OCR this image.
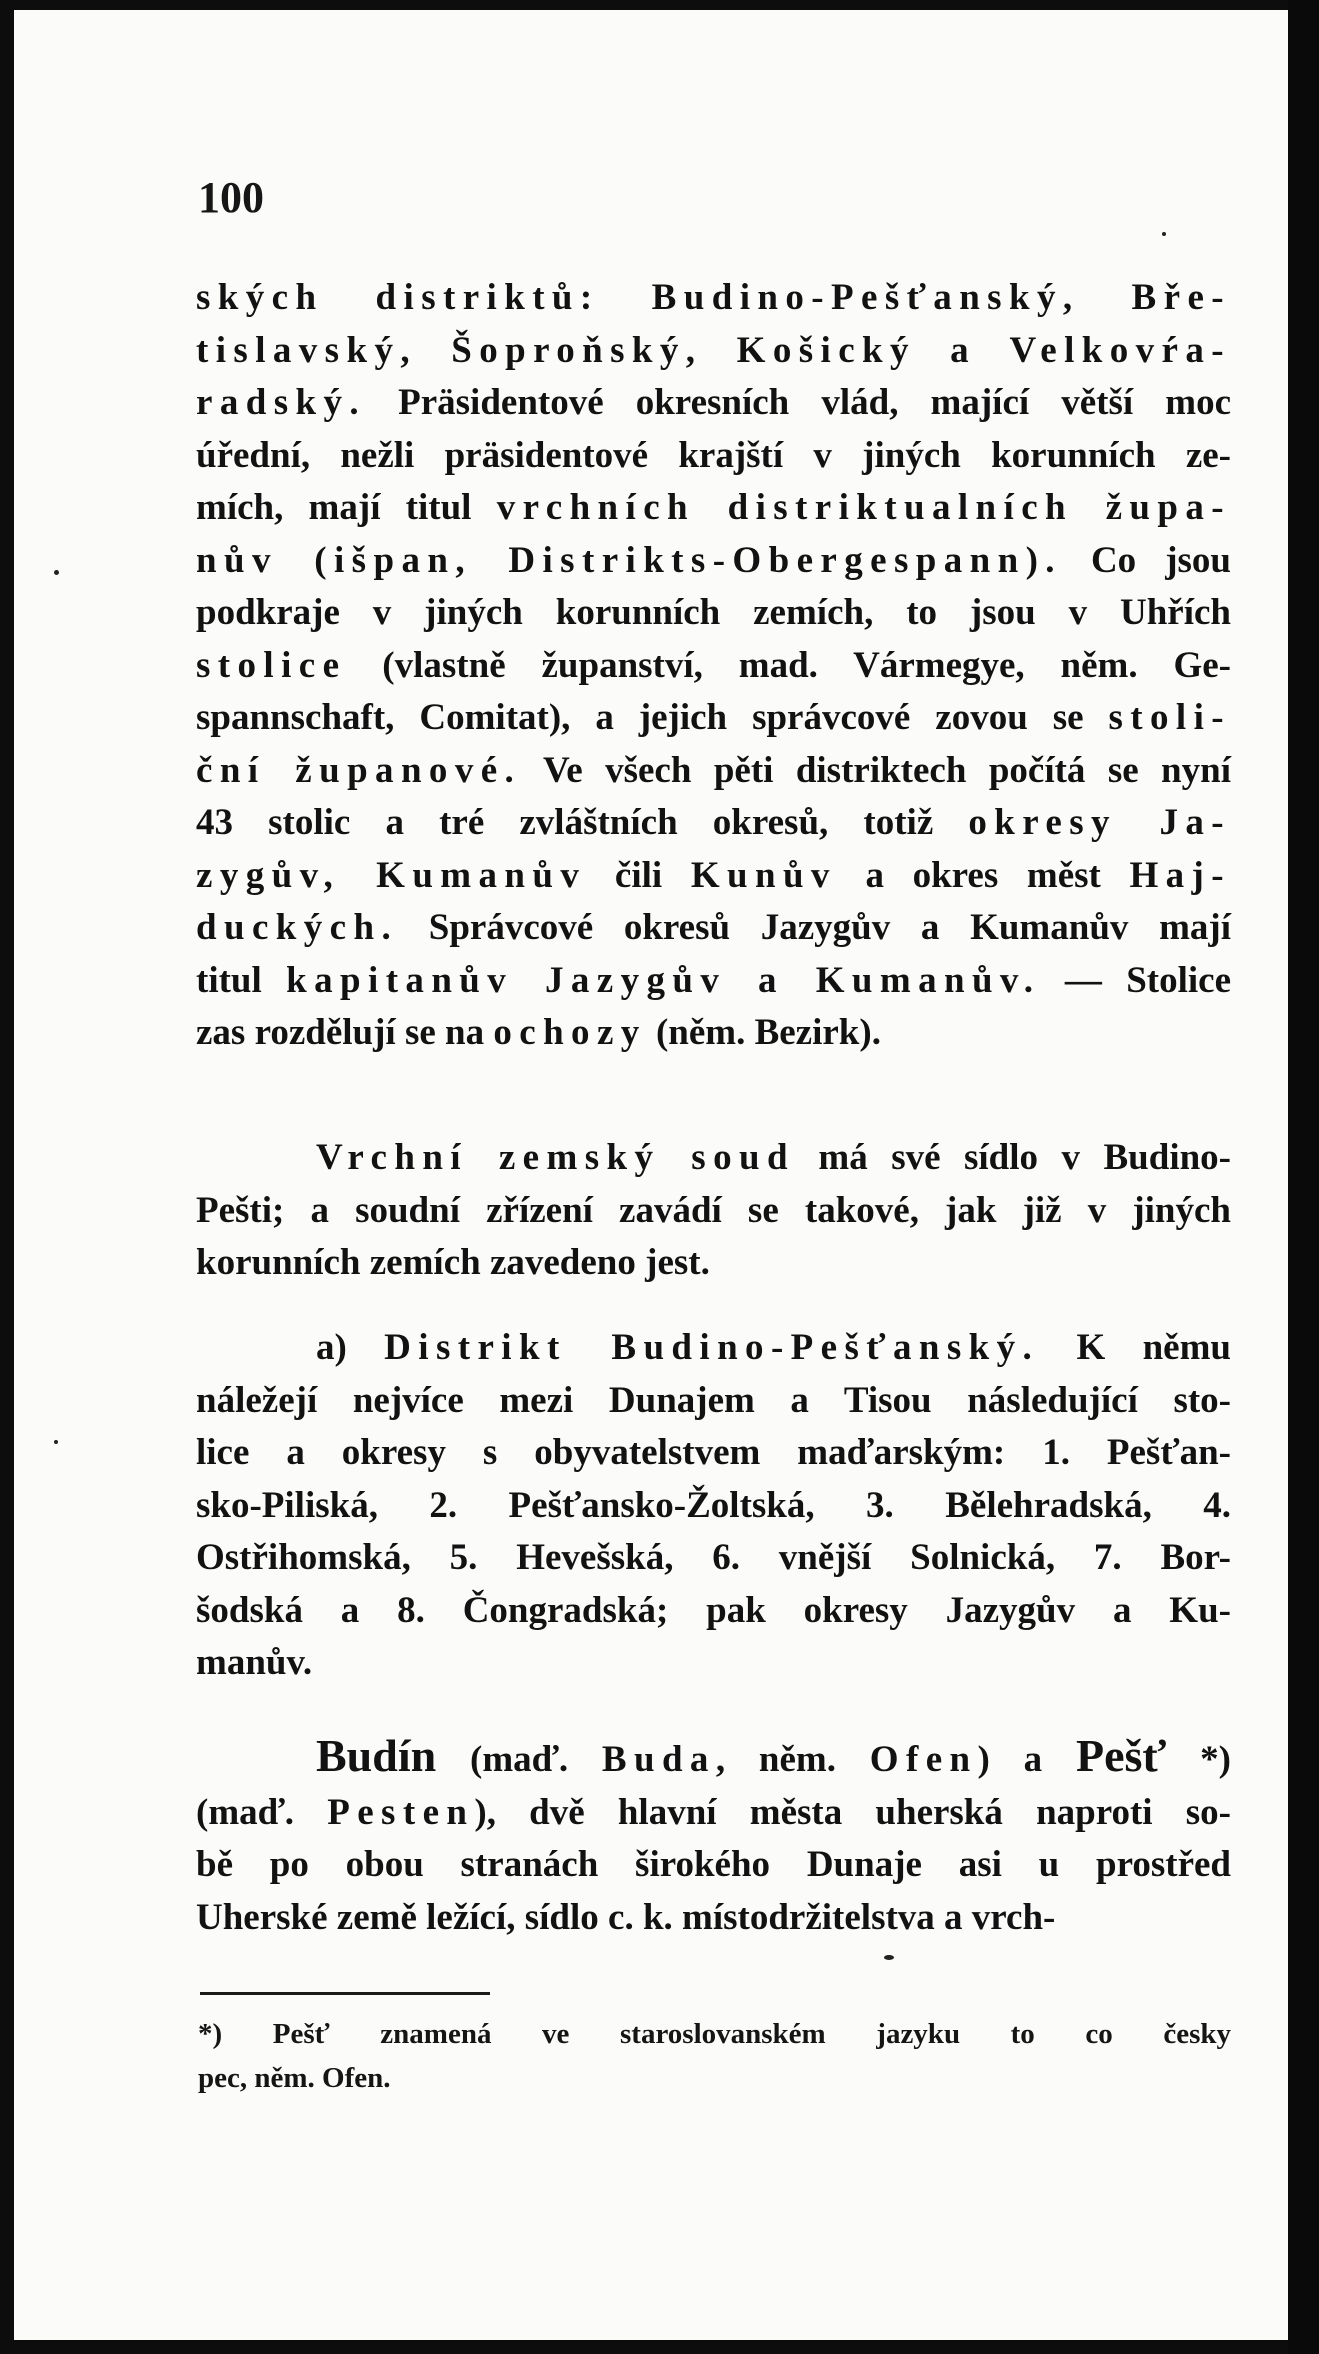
100
ských distriktů: Budino-Pešťanský, Bře-
tislavský, Šoproňský, Košický a Velkovŕa-
radský. Präsidentové okresních vlád, mající větší moc
úřední, nežli präsidentové krajští v jiných korunních ze-
mích, mají titul vrchních distriktualních župa-
nův (išpan, Distrikts-Obergespann). Co jsou
podkraje v jiných korunních zemích, to jsou v Uhřích
stolice (vlastně županství, mad. Vármegye, něm. Ge-
spannschaft, Comitat), a jejich správcové zovou se stoli-
ční županové. Ve všech pěti distriktech počítá se nyní
43 stolic a tré zvláštních okresů, totiž okresy Ja-
zygův, Kumanův čili Kunův a okres měst Haj-
duckých. Správcové okresů Jazygův a Kumanův mají
titul kapitanův Jazygův a Kumanův. — Stolice
zas rozdělují se na ochozy (něm. Bezirk).
Vrchní zemský soud má své sídlo v Budino-
Pešti; a soudní zřízení zavádí se takové, jak již v jiných
korunních zemích zavedeno jest.
a) Distrikt Budino-Pešťanský. K němu
náležejí nejvíce mezi Dunajem a Tisou následující sto-
lice a okresy s obyvatelstvem maďarským: 1. Pešťan-
sko-Piliská, 2. Pešťansko-Žoltská, 3. Bělehradská, 4.
Ostřihomská, 5. Hevešská, 6. vnější Solnická, 7. Bor-
šodská a 8. Čongradská; pak okresy Jazygův a Ku-
manův.
Budín (maď. Buda, něm. Ofen) a Pešť *)
(maď. Pesten), dvě hlavní města uherská naproti so-
bě po obou stranách širokého Dunaje asi u prostřed
Uherské země ležící, sídlo c. k. místodržitelstva a vrch-
*) Pešť znamená ve staroslovanském jazyku to co česky
pec, něm. Ofen.
